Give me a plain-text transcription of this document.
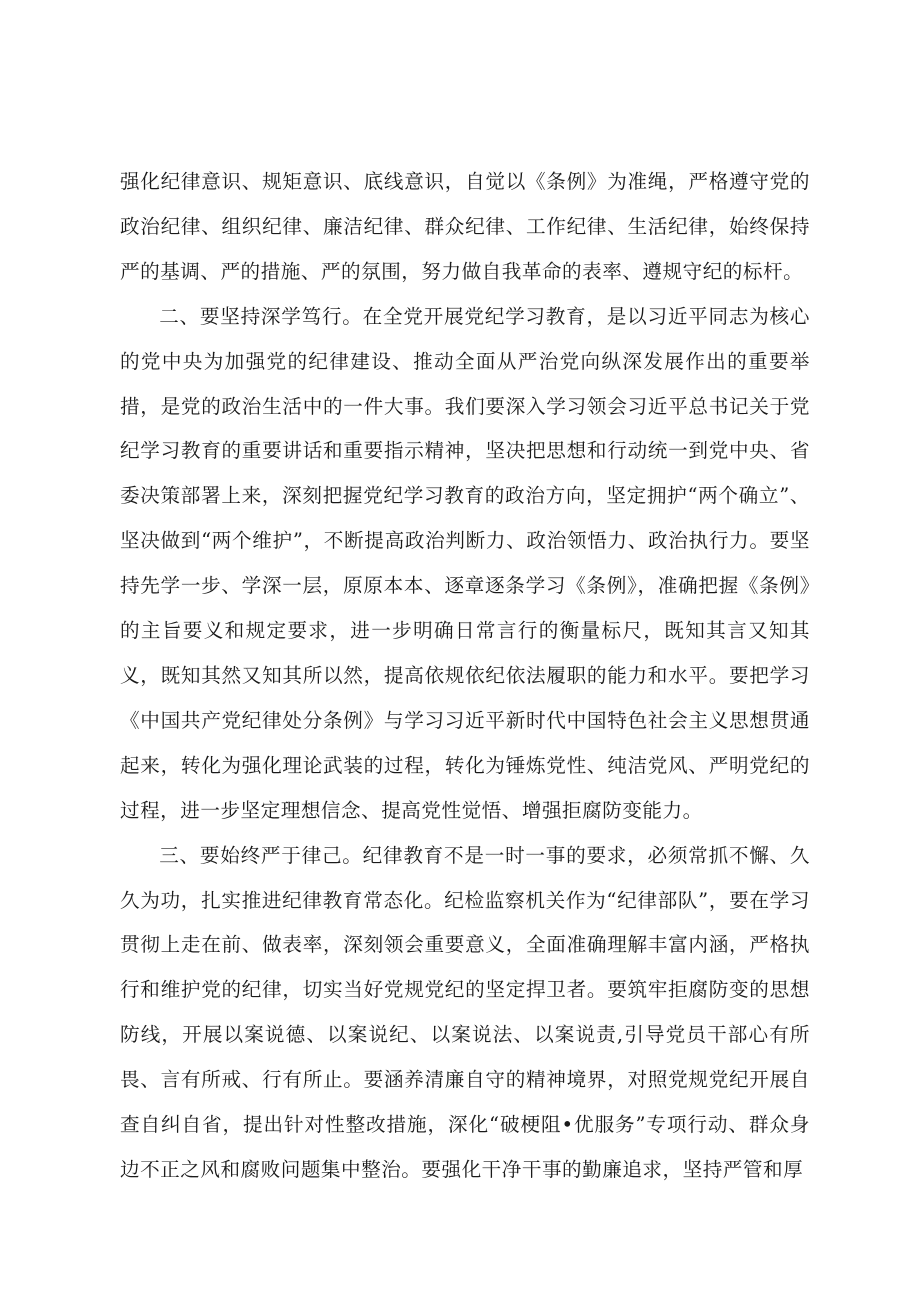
强化纪律意识、规矩意识、底线意识，自觉以《条例》为准绳，严格遵守党的政治纪律、组织纪律、廉洁纪律、群众纪律、工作纪律、生活纪律，始终保持严的基调、严的措施、严的氛围，努力做自我革命的表率、遵规守纪的标杆。

二、要坚持深学笃行。在全党开展党纪学习教育，是以习近平同志为核心的党中央为加强党的纪律建设、推动全面从严治党向纵深发展作出的重要举措，是党的政治生活中的一件大事。我们要深入学习领会习近平总书记关于党纪学习教育的重要讲话和重要指示精神，坚决把思想和行动统一到党中央、省委决策部署上来，深刻把握党纪学习教育的政治方向，坚定拥护“两个确立”、坚决做到“两个维护”，不断提高政治判断力、政治领悟力、政治执行力。要坚持先学一步、学深一层，原原本本、逐章逐条学习《条例》，准确把握《条例》的主旨要义和规定要求，进一步明确日常言行的衡量标尺，既知其言又知其义，既知其然又知其所以然，提高依规依纪依法履职的能力和水平。要把学习《中国共产党纪律处分条例》与学习习近平新时代中国特色社会主义思想贯通起来，转化为强化理论武装的过程，转化为锤炼党性、纯洁党风、严明党纪的过程，进一步坚定理想信念、提高党性觉悟、增强拒腐防变能力。

三、要始终严于律己。纪律教育不是一时一事的要求，必须常抓不懈、久久为功，扎实推进纪律教育常态化。纪检监察机关作为“纪律部队”，要在学习贯彻上走在前、做表率，深刻领会重要意义，全面准确理解丰富内涵，严格执行和维护党的纪律，切实当好党规党纪的坚定捍卫者。要筑牢拒腐防变的思想防线，开展以案说德、以案说纪、以案说法、以案说责,引导党员干部心有所畏、言有所戒、行有所止。要涵养清廉自守的精神境界，对照党规党纪开展自查自纠自省，提出针对性整改措施，深化“破梗阻•优服务”专项行动、群众身边不正之风和腐败问题集中整治。要强化干净干事的勤廉追求，坚持严管和厚
